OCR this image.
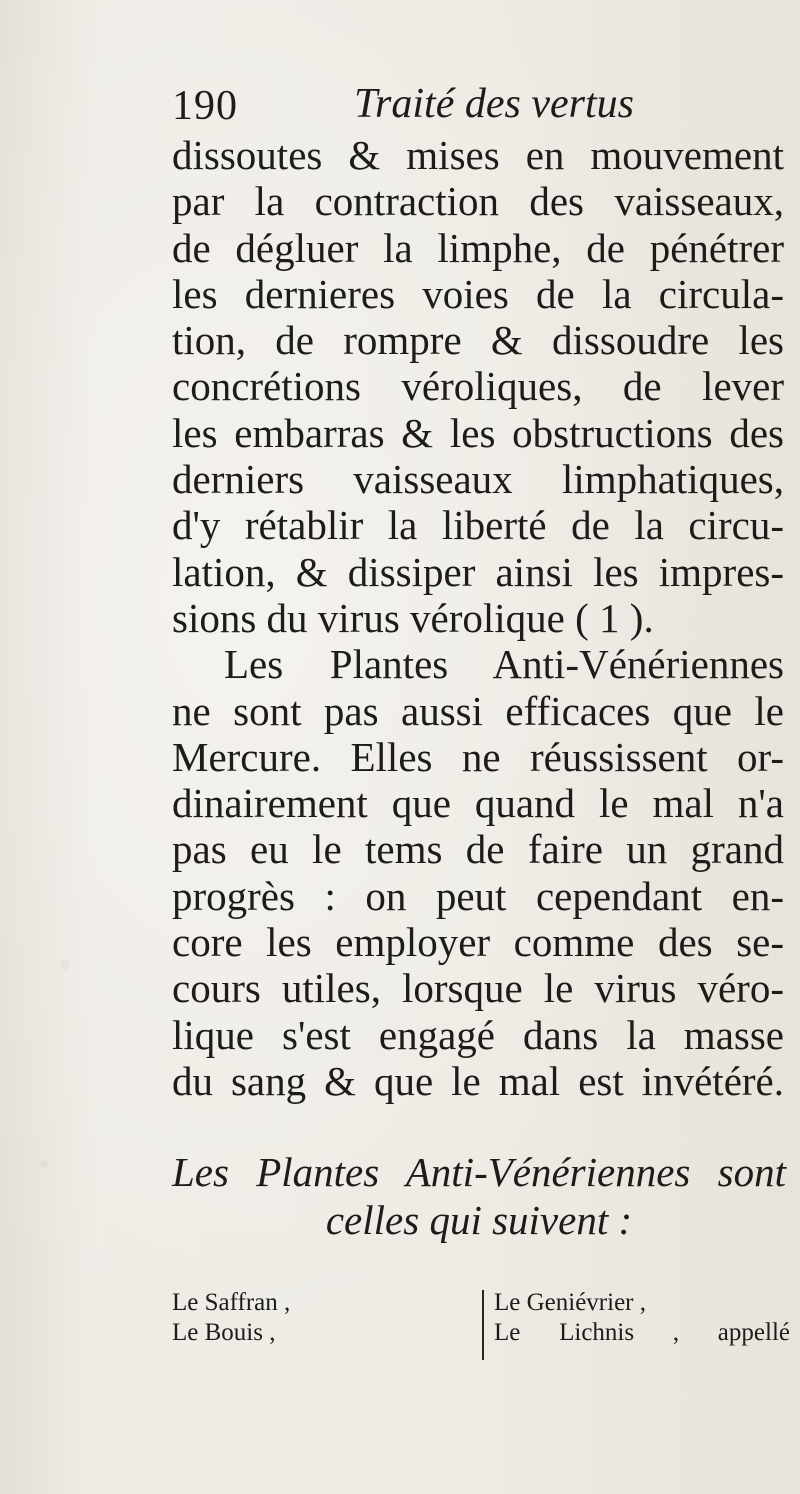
190	Traité des vertus
dissoutes & mises en mouvement
par la contraction des vaisseaux,
de dégluer la limphe, de pénétrer
les dernieres voies de la circula-
tion, de rompre & dissoudre les
concrétions véroliques, de lever
les embarras & les obstructions des
derniers vaisseaux limphatiques,
d'y rétablir la liberté de la circu-
lation, & dissiper ainsi les impres-
sions du virus vérolique ( 1 ).
Les Plantes Anti-Vénériennes
ne sont pas aussi efficaces que le
Mercure. Elles ne réussissent or-
dinairement que quand le mal n'a
pas eu le tems de faire un grand
progrès : on peut cependant en-
core les employer comme des se-
cours utiles, lorsque le virus véro-
lique s'est engagé dans la masse
du sang & que le mal est invétéré.
Les Plantes Anti-Vénériennes sont
celles qui suivent :
Le Saffran ,
Le Bouis ,
Le Geniévrier ,
Le Lichnis , appellé
